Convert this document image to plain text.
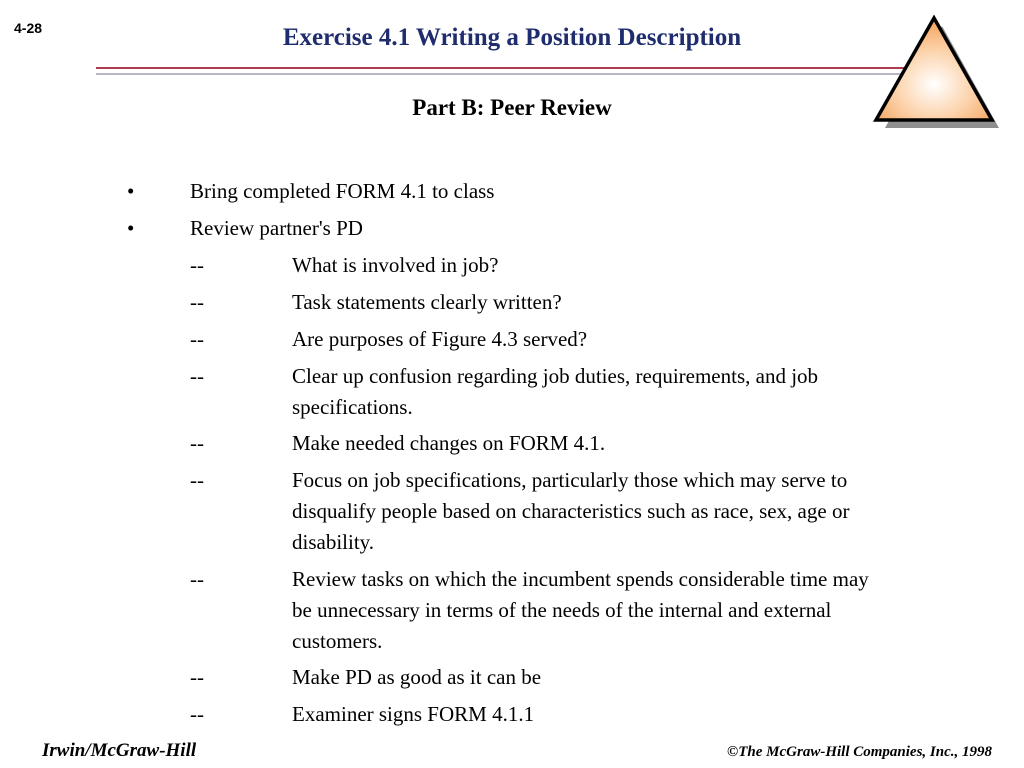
4-28	Exercise 4.1 Writing a Position Description
Part B: Peer Review
•	Bring completed FORM 4.1 to class
•	Review partner's PD
--	What is involved in job?
--	Task statements clearly written?
--	Are purposes of Figure 4.3 served?
--	Clear up confusion regarding job duties, requirements, and job specifications.
--	Make needed changes on FORM 4.1.
--	Focus on job specifications, particularly those which may serve to disqualify people based on characteristics such as race, sex, age or disability.
--	Review tasks on which the incumbent spends considerable time may be unnecessary in terms of the needs of the internal and external customers.
--	Make PD as good as it can be
--	Examiner signs FORM 4.1.1
Irwin/McGraw-Hill	©The McGraw-Hill Companies, Inc., 1998
